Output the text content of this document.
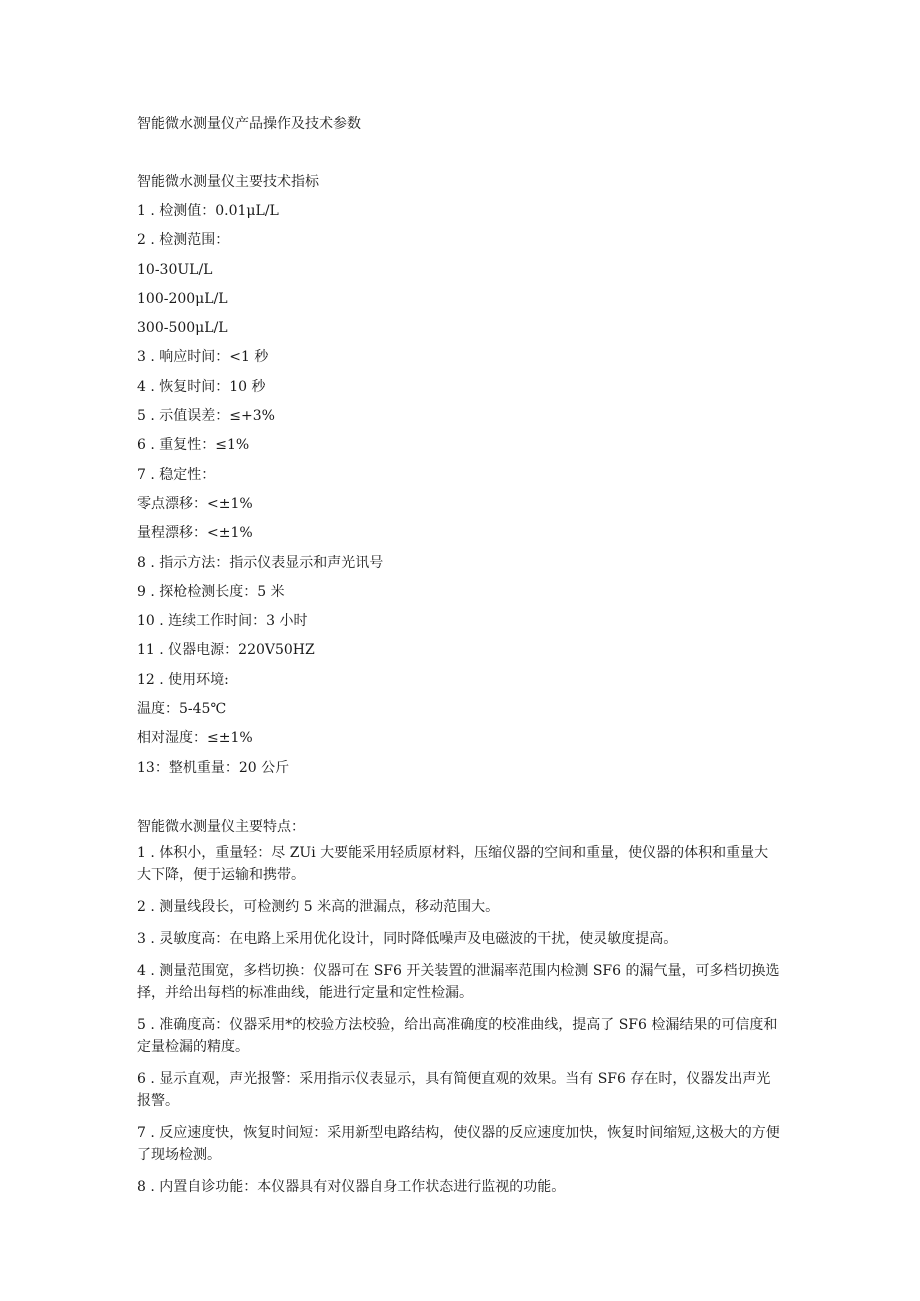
智能微水测量仪产品操作及技术参数

智能微水测量仪主要技术指标

1 . 检测值：0.01μL/L

2 . 检测范围：

10-30UL/L

100-200μL/L

300-500μL/L

3 . 响应时间：<1 秒

4 . 恢复时间：10 秒

5 . 示值误差：≤+3%

6 . 重复性：≤1%

7 . 稳定性：

零点漂移：<±1%

量程漂移：<±1%

8 . 指示方法：指示仪表显示和声光讯号

9 . 探枪检测长度：5 米

10 . 连续工作时间：3 小时

11 . 仪器电源：220V50HZ

12 . 使用环境:

温度：5-45℃

相对湿度：≤±1%

13：整机重量：20 公斤

智能微水测量仪主要特点：

1 . 体积小，重量轻：尽 ZUi 大要能采用轻质原材料，压缩仪器的空间和重量，使仪器的体积和重量大大下降，便于运输和携带。

2 . 测量线段长，可检测约 5 米高的泄漏点，移动范围大。

3 . 灵敏度高：在电路上采用优化设计，同时降低噪声及电磁波的干扰，使灵敏度提高。

4 . 测量范围宽，多档切换：仪器可在 SF6 开关装置的泄漏率范围内检测 SF6 的漏气量，可多档切换选择，并给出每档的标准曲线，能进行定量和定性检漏。

5 . 准确度高：仪器采用*的校验方法校验，给出高准确度的校准曲线，提高了 SF6 检漏结果的可信度和定量检漏的精度。

6 . 显示直观，声光报警：采用指示仪表显示，具有简便直观的效果。当有 SF6 存在时，仪器发出声光报警。

7 . 反应速度快，恢复时间短：采用新型电路结构，使仪器的反应速度加快，恢复时间缩短,这极大的方便了现场检测。

8 . 内置自诊功能：本仪器具有对仪器自身工作状态进行监视的功能。
